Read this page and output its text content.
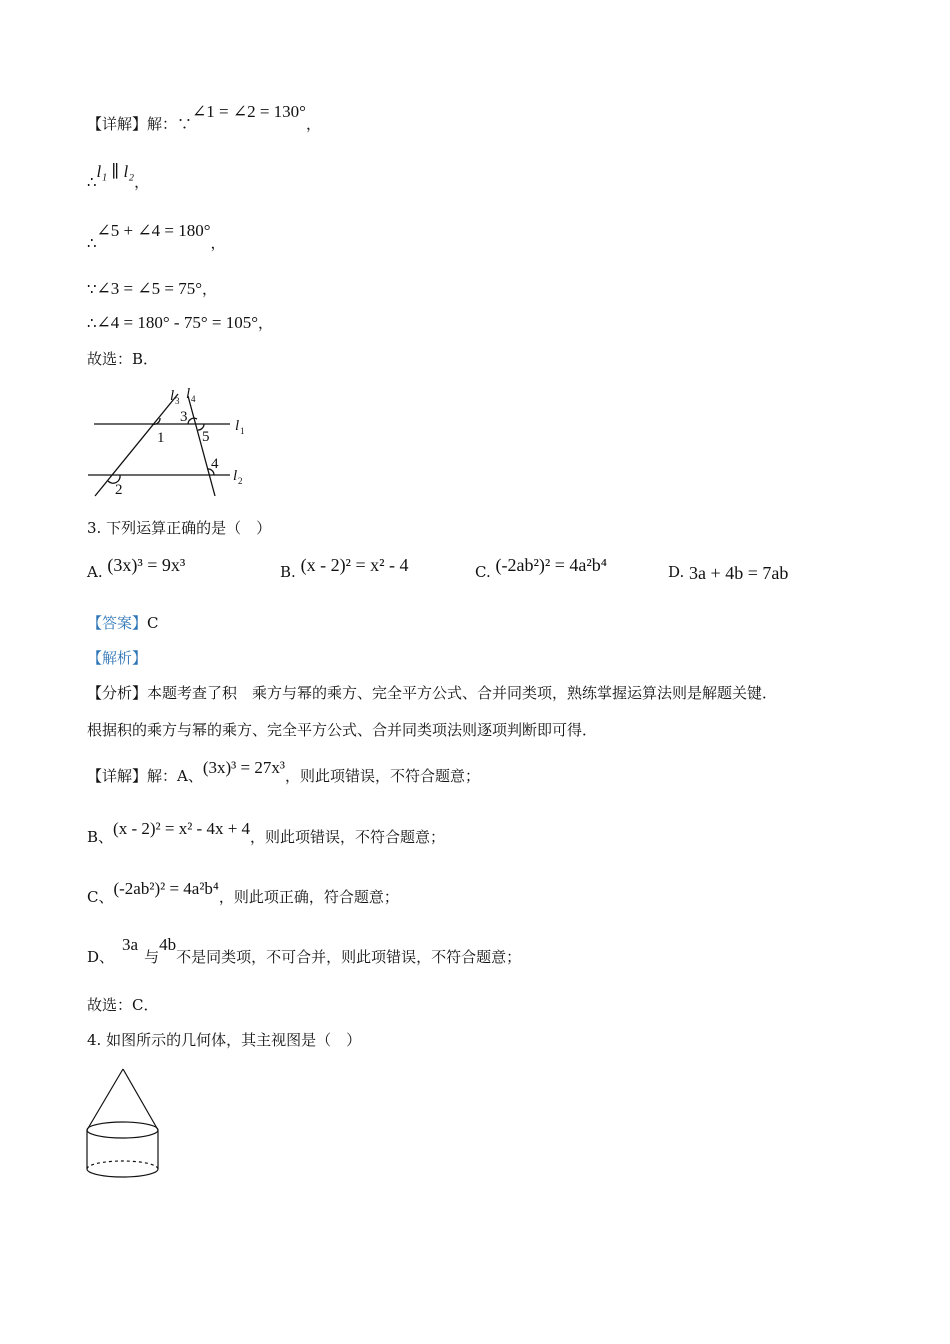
【详解】解：∵∠1 = ∠2 = 130°，
∴l₁ ∥ l₂，
∴∠5 + ∠4 = 180°，
∵∠3 = ∠5 = 75°，
∴∠4 = 180° - 75° = 105°，
故选：B．
l 3 l 4
l 1
l 2
1
2
3
4
5
3. 下列运算正确的是（　）
A. (3x)³ = 9x³	B. (x - 2)² = x² - 4	C. (-2ab²)² = 4a²b⁴	D. 3a + 4b = 7ab
【答案】C
【解析】
【分析】本题考查了积　乘方与幂的乘方、完全平方公式、合并同类项，熟练掌握运算法则是解题关键．
根据积的乘方与幂的乘方、完全平方公式、合并同类项法则逐项判断即可得．
【详解】解：A、(3x)³ = 27x³，则此项错误，不符合题意；
B、(x - 2)² = x² - 4x + 4，则此项错误，不符合题意；
C、(-2ab²)² = 4a²b⁴，则此项正确，符合题意；
D、3a与4b不是同类项，不可合并，则此项错误，不符合题意；
故选：C．
4. 如图所示的几何体，其主视图是（　）
